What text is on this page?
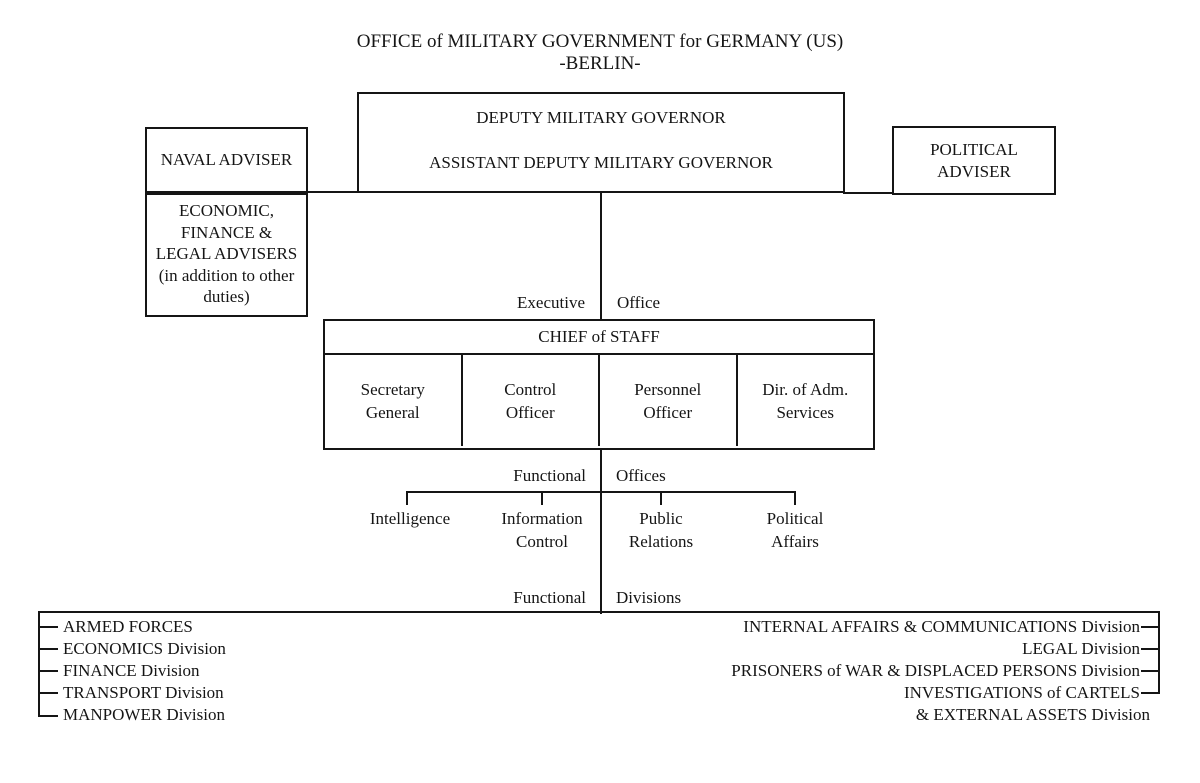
OFFICE of MILITARY GOVERNMENT for GERMANY (US)
-BERLIN-
DEPUTY MILITARY GOVERNOR
ASSISTANT DEPUTY MILITARY GOVERNOR
NAVAL ADVISER
POLITICAL
ADVISER
ECONOMIC,
FINANCE &
LEGAL ADVISERS
(in addition to other
duties)	Executive Office
CHIEF of STAFF
Secretary
General
Control
Officer
Personnel
Officer
Dir. of Adm.
Services
Functional Offices
Intelligence	Information
Control
Public
Relations
Political
Affairs
Functional Divisions
ARMED FORCES
ECONOMICS Division
FINANCE Division
TRANSPORT Division
MANPOWER Division
INTERNAL AFFAIRS & COMMUNICATIONS Division
LEGAL Division
PRISONERS of WAR & DISPLACED PERSONS Division
INVESTIGATIONS of CARTELS
& EXTERNAL ASSETS Division
